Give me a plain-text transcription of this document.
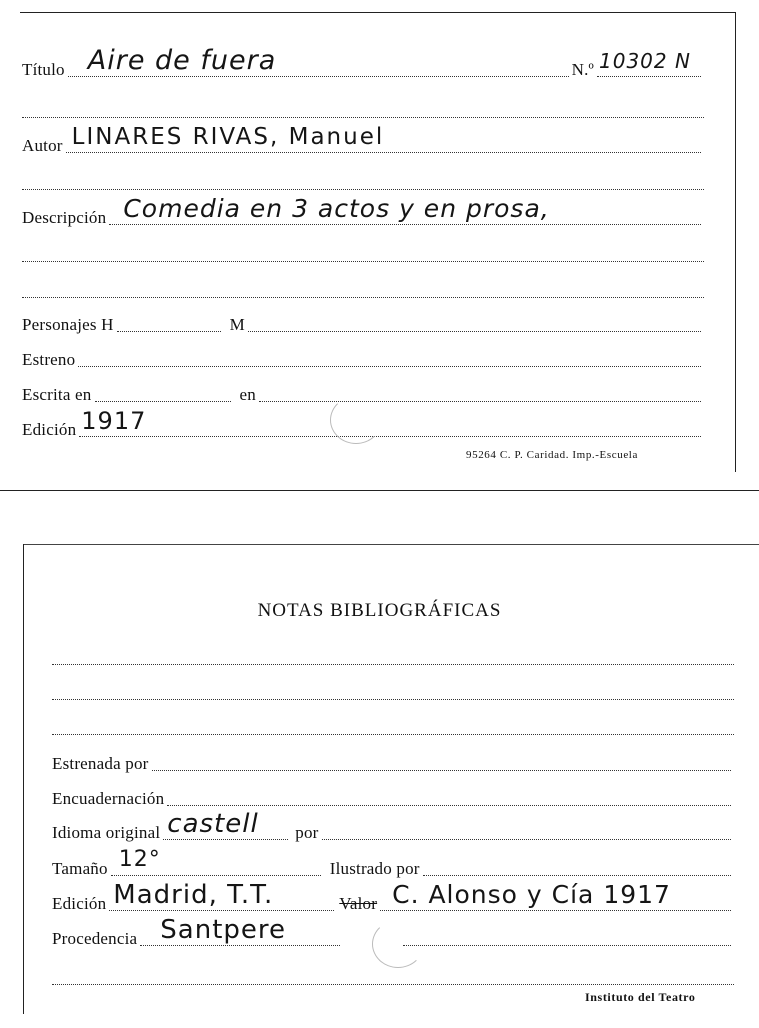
Título Aire de fuera	N.º 10302 N
Autor LINARES RIVAS, Manuel
Descripción Comedia en 3 actos y en prosa,
Personajes H	M
Estreno
Escrita en	en
Edición 1917
95264 C. P. Caridad. Imp.-Escuela
NOTAS BIBLIOGRÁFICAS
Estrenada por
Encuadernación
Idioma original castell por
Tamaño 12°	Ilustrado por
Edición Madrid, T.T.	Valor C. Alonso y Cía 1917
Procedencia Santpere
Instituto del Teatro
